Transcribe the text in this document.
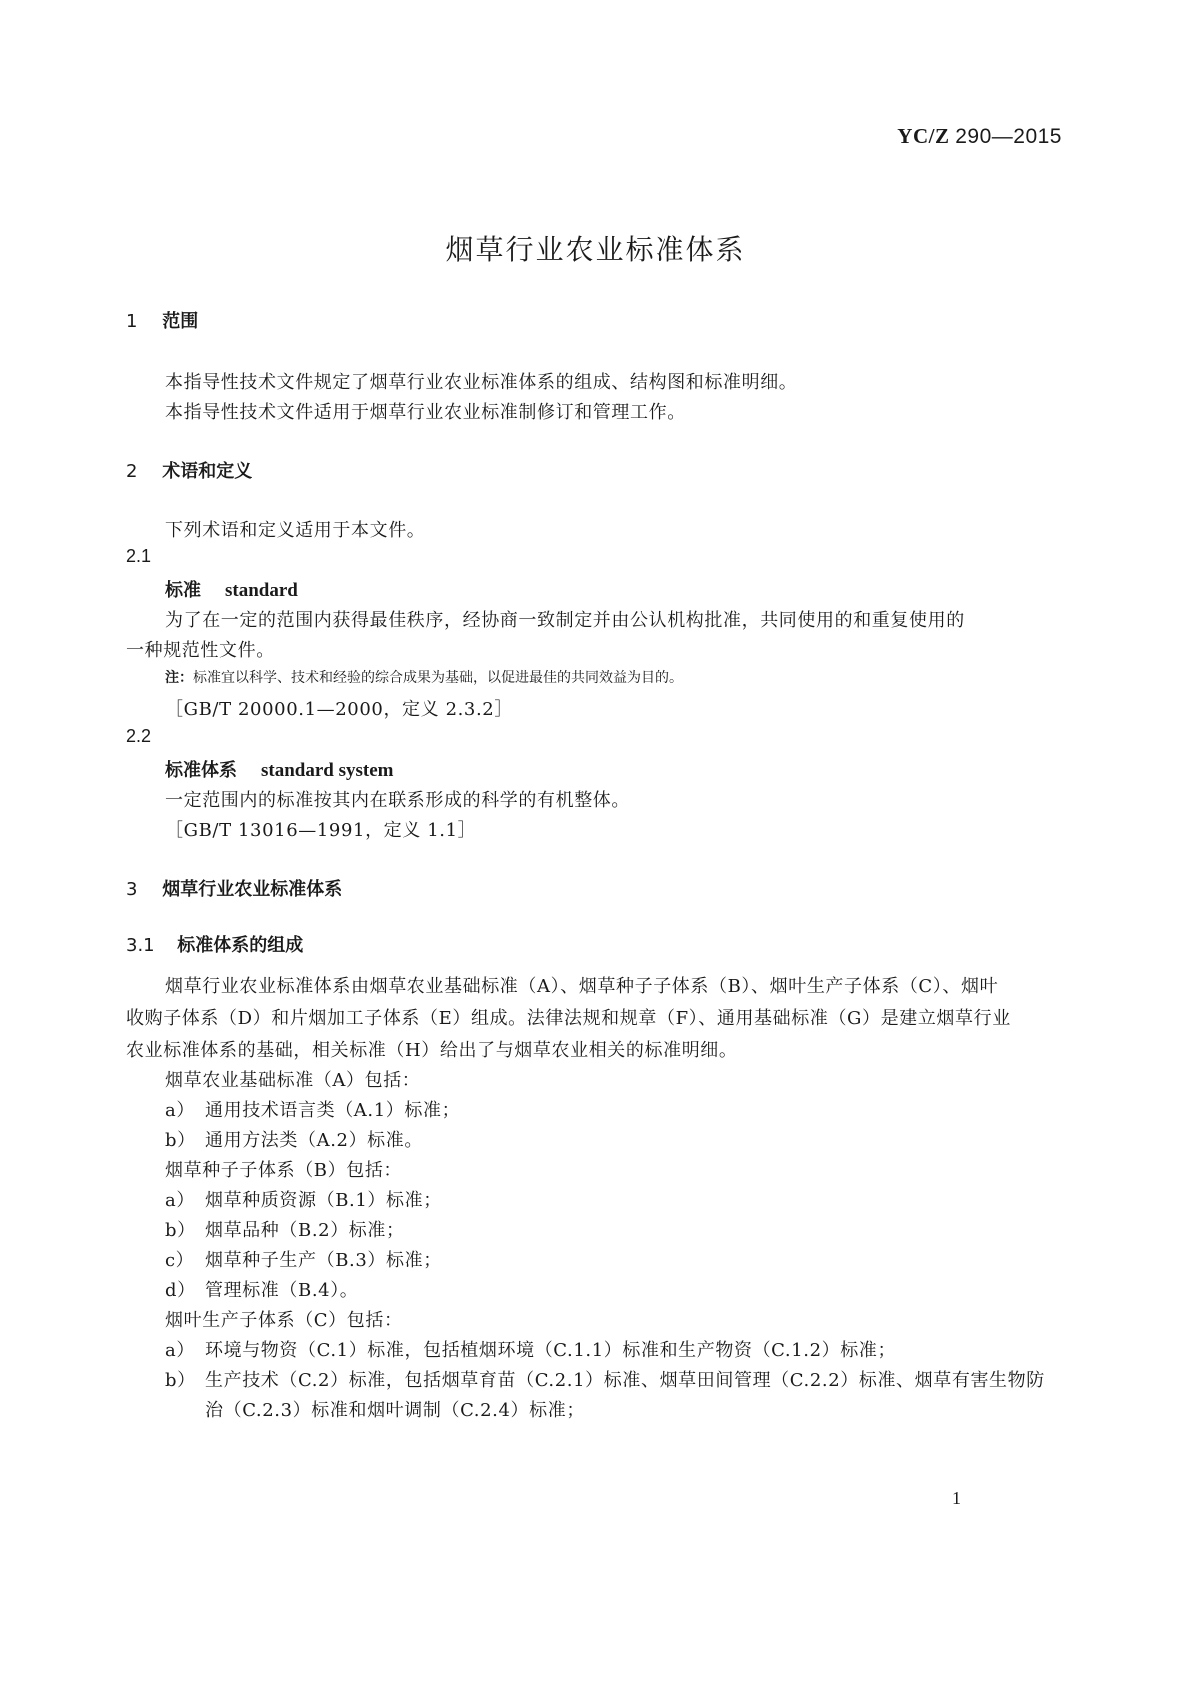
YC/Z 290—2015
烟草行业农业标准体系
1 范围
本指导性技术文件规定了烟草行业农业标准体系的组成、结构图和标准明细。
本指导性技术文件适用于烟草行业农业标准制修订和管理工作。
2 术语和定义
下列术语和定义适用于本文件。
2.1
标准 standard
为了在一定的范围内获得最佳秩序，经协商一致制定并由公认机构批准，共同使用的和重复使用的
一种规范性文件。
注：标准宜以科学、技术和经验的综合成果为基础，以促进最佳的共同效益为目的。
［GB/T 20000.1—2000，定义 2.3.2］
2.2
标准体系 standard system
一定范围内的标准按其内在联系形成的科学的有机整体。
［GB/T 13016—1991，定义 1.1］
3 烟草行业农业标准体系
3.1 标准体系的组成
烟草行业农业标准体系由烟草农业基础标准（A）、烟草种子子体系（B）、烟叶生产子体系（C）、烟叶
收购子体系（D）和片烟加工子体系（E）组成。法律法规和规章（F）、通用基础标准（G）是建立烟草行业
农业标准体系的基础，相关标准（H）给出了与烟草农业相关的标准明细。
烟草农业基础标准（A）包括：
a） 通用技术语言类（A.1）标准；
b） 通用方法类（A.2）标准。
烟草种子子体系（B）包括：
a） 烟草种质资源（B.1）标准；
b） 烟草品种（B.2）标准；
c） 烟草种子生产（B.3）标准；
d） 管理标准（B.4）。
烟叶生产子体系（C）包括：
a） 环境与物资（C.1）标准，包括植烟环境（C.1.1）标准和生产物资（C.1.2）标准；
b） 生产技术（C.2）标准，包括烟草育苗（C.2.1）标准、烟草田间管理（C.2.2）标准、烟草有害生物防
治（C.2.3）标准和烟叶调制（C.2.4）标准；
1
